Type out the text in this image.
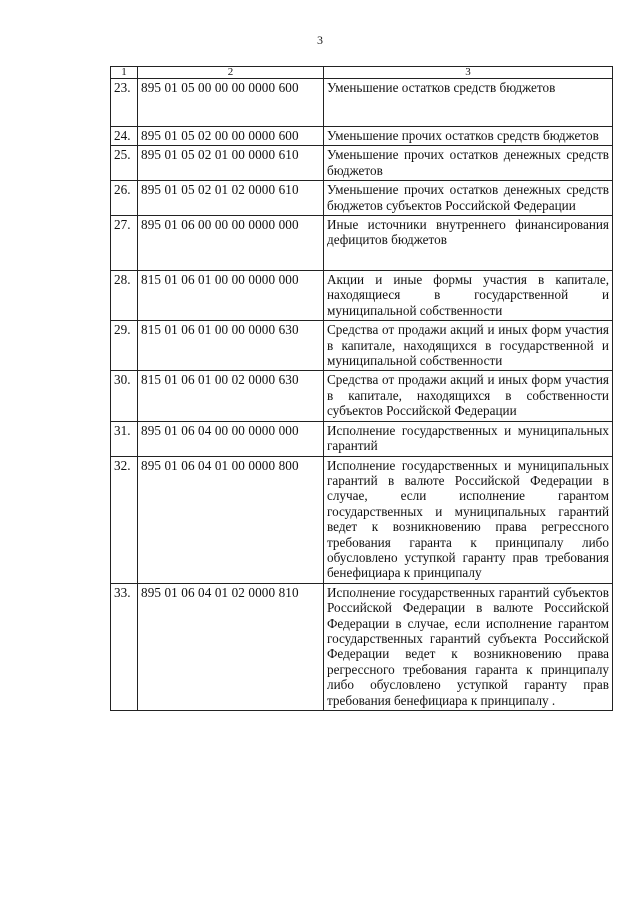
3
1	2	3
23.	895 01 05 00 00 00 0000 600	Уменьшение остатков средств бюджетов
24.	895 01 05 02 00 00 0000 600	Уменьшение прочих остатков средств бюджетов
25.	895 01 05 02 01 00 0000 610	Уменьшение прочих остатков денежных средств бюджетов
26.	895 01 05 02 01 02 0000 610	Уменьшение прочих остатков денежных средств бюджетов субъектов Российской Федерации
27.	895 01 06 00 00 00 0000 000	Иные источники внутреннего финансирования дефицитов бюджетов
28.	815 01 06 01 00 00 0000 000	Акции и иные формы участия в капитале, находящиеся в государственной и муниципальной собственности
29.	815 01 06 01 00 00 0000 630	Средства от продажи акций и иных форм участия в капитале, находящихся в государственной и муниципальной собственности
30.	815 01 06 01 00 02 0000 630	Средства от продажи акций и иных форм участия в капитале, находящихся в собственности субъектов Российской Федерации
31.	895 01 06 04 00 00 0000 000	Исполнение государственных и муниципальных гарантий
32.	895 01 06 04 01 00 0000 800	Исполнение государственных и муниципальных гарантий в валюте Российской Федерации в случае, если исполнение гарантом государственных и муниципальных гарантий ведет к возникновению права регрессного требования гаранта к принципалу либо обусловлено уступкой гаранту прав требования бенефициара к принципалу
33.	895 01 06 04 01 02 0000 810	Исполнение государственных гарантий субъектов Российской Федерации в валюте Российской Федерации в случае, если исполнение гарантом государственных гарантий субъекта Российской Федерации ведет к возникновению права регрессного требования гаранта к принципалу либо обусловлено уступкой гаранту прав требования бенефициара к принципалу .
